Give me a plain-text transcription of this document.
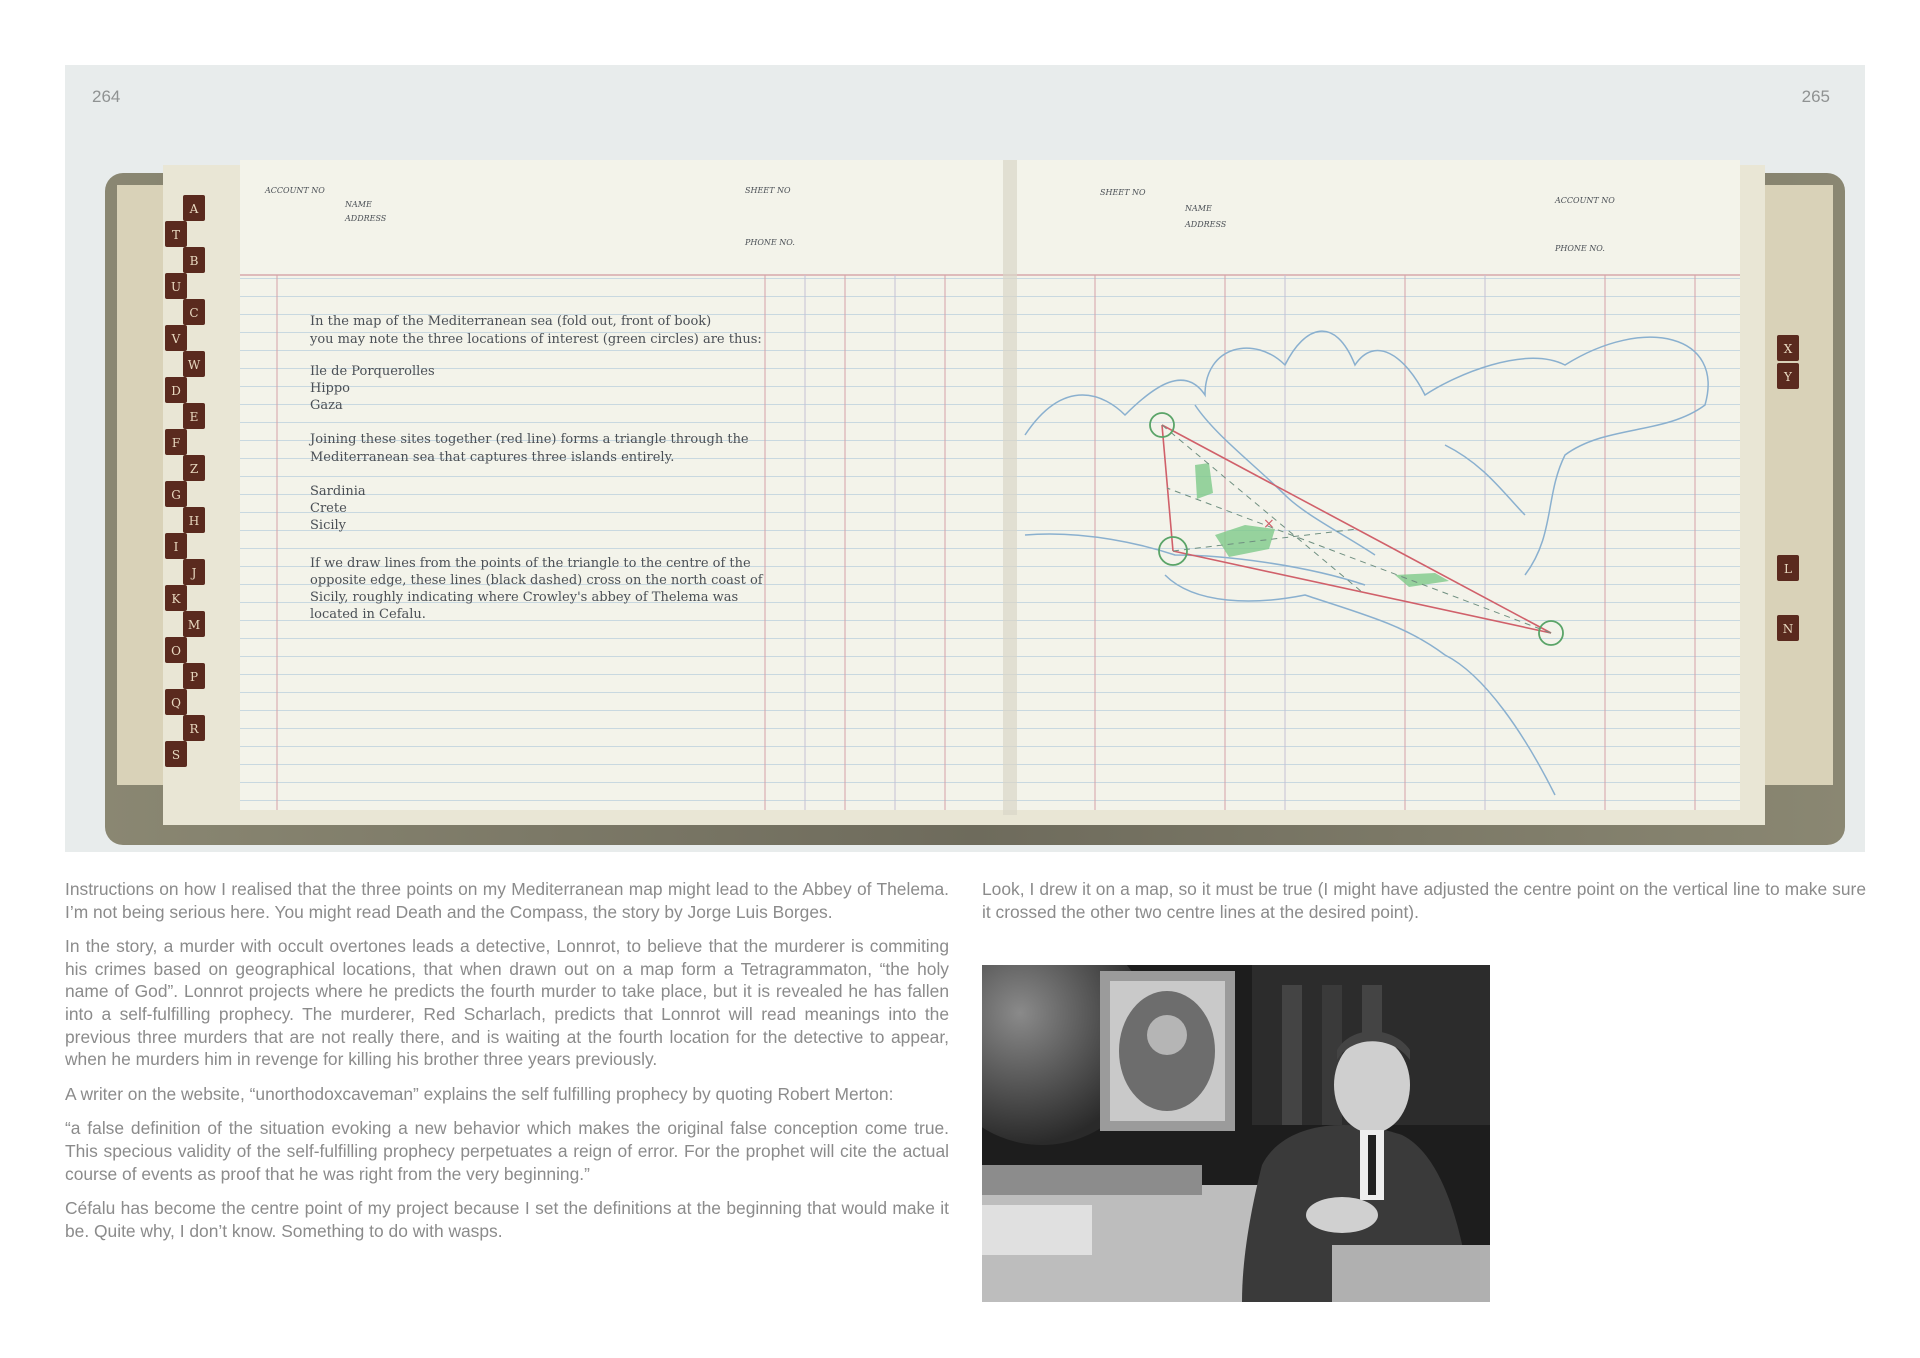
264	265
ACCOUNT NO
NAME
ADDRESS
SHEET NO
PHONE NO.
SHEET NO
NAME
ADDRESS
ACCOUNT NO
PHONE NO.
In the map of the Mediterranean sea (fold out, front of book)
you may note the three locations of interest (green circles) are thus:
Ile de Porquerolles
Hippo
Gaza
Joining these sites together (red line) forms a triangle through the
Mediterranean sea that captures three islands entirely.
Sardinia
Crete
Sicily
If we draw lines from the points of the triangle to the centre of the
opposite edge, these lines (black dashed) cross on the north coast of
Sicily, roughly indicating where Crowley's abbey of Thelema was
located in Cefalu.
×
A
T
B
U
C
V
W
D
E
F
Z
G
H
I
J
K
M
O
P
Q
R
S
X
Y
L
N

Instructions on how I realised that the three points on my Mediterranean map might lead to the Abbey of Thelema. I’m not being serious here. You might read Death and the Compass, the story by Jorge Luis Borges.

In the story, a murder with occult overtones leads a detective, Lonnrot, to believe that the murderer is commiting his crimes based on geographical locations, that when drawn out on a map form a Tetragrammaton, “the holy name of God”. Lonnrot projects where he predicts the fourth murder to take place, but it is revealed he has fallen into a self-fulfilling prophecy. The murderer, Red Scharlach, predicts that Lonnrot will read meanings into the previous three murders that are not really there, and is waiting at the fourth location for the detective to appear, when he murders him in revenge for killing his brother three years previously.

A writer on the website, “unorthodoxcaveman” explains the self fulfilling prophecy by quoting Robert Merton:

“a false definition of the situation evoking a new behavior which makes the original false conception come true. This specious validity of the self-fulfilling prophecy perpetuates a reign of error. For the prophet will cite the actual course of events as proof that he was right from the very beginning.”

Céfalu has become the centre point of my project because I set the definitions at the beginning that would make it be. Quite why, I don’t know. Something to do with wasps.

Look, I drew it on a map, so it must be true (I might have adjusted the centre point on the vertical line to make sure it crossed the other two centre lines at the desired point).
